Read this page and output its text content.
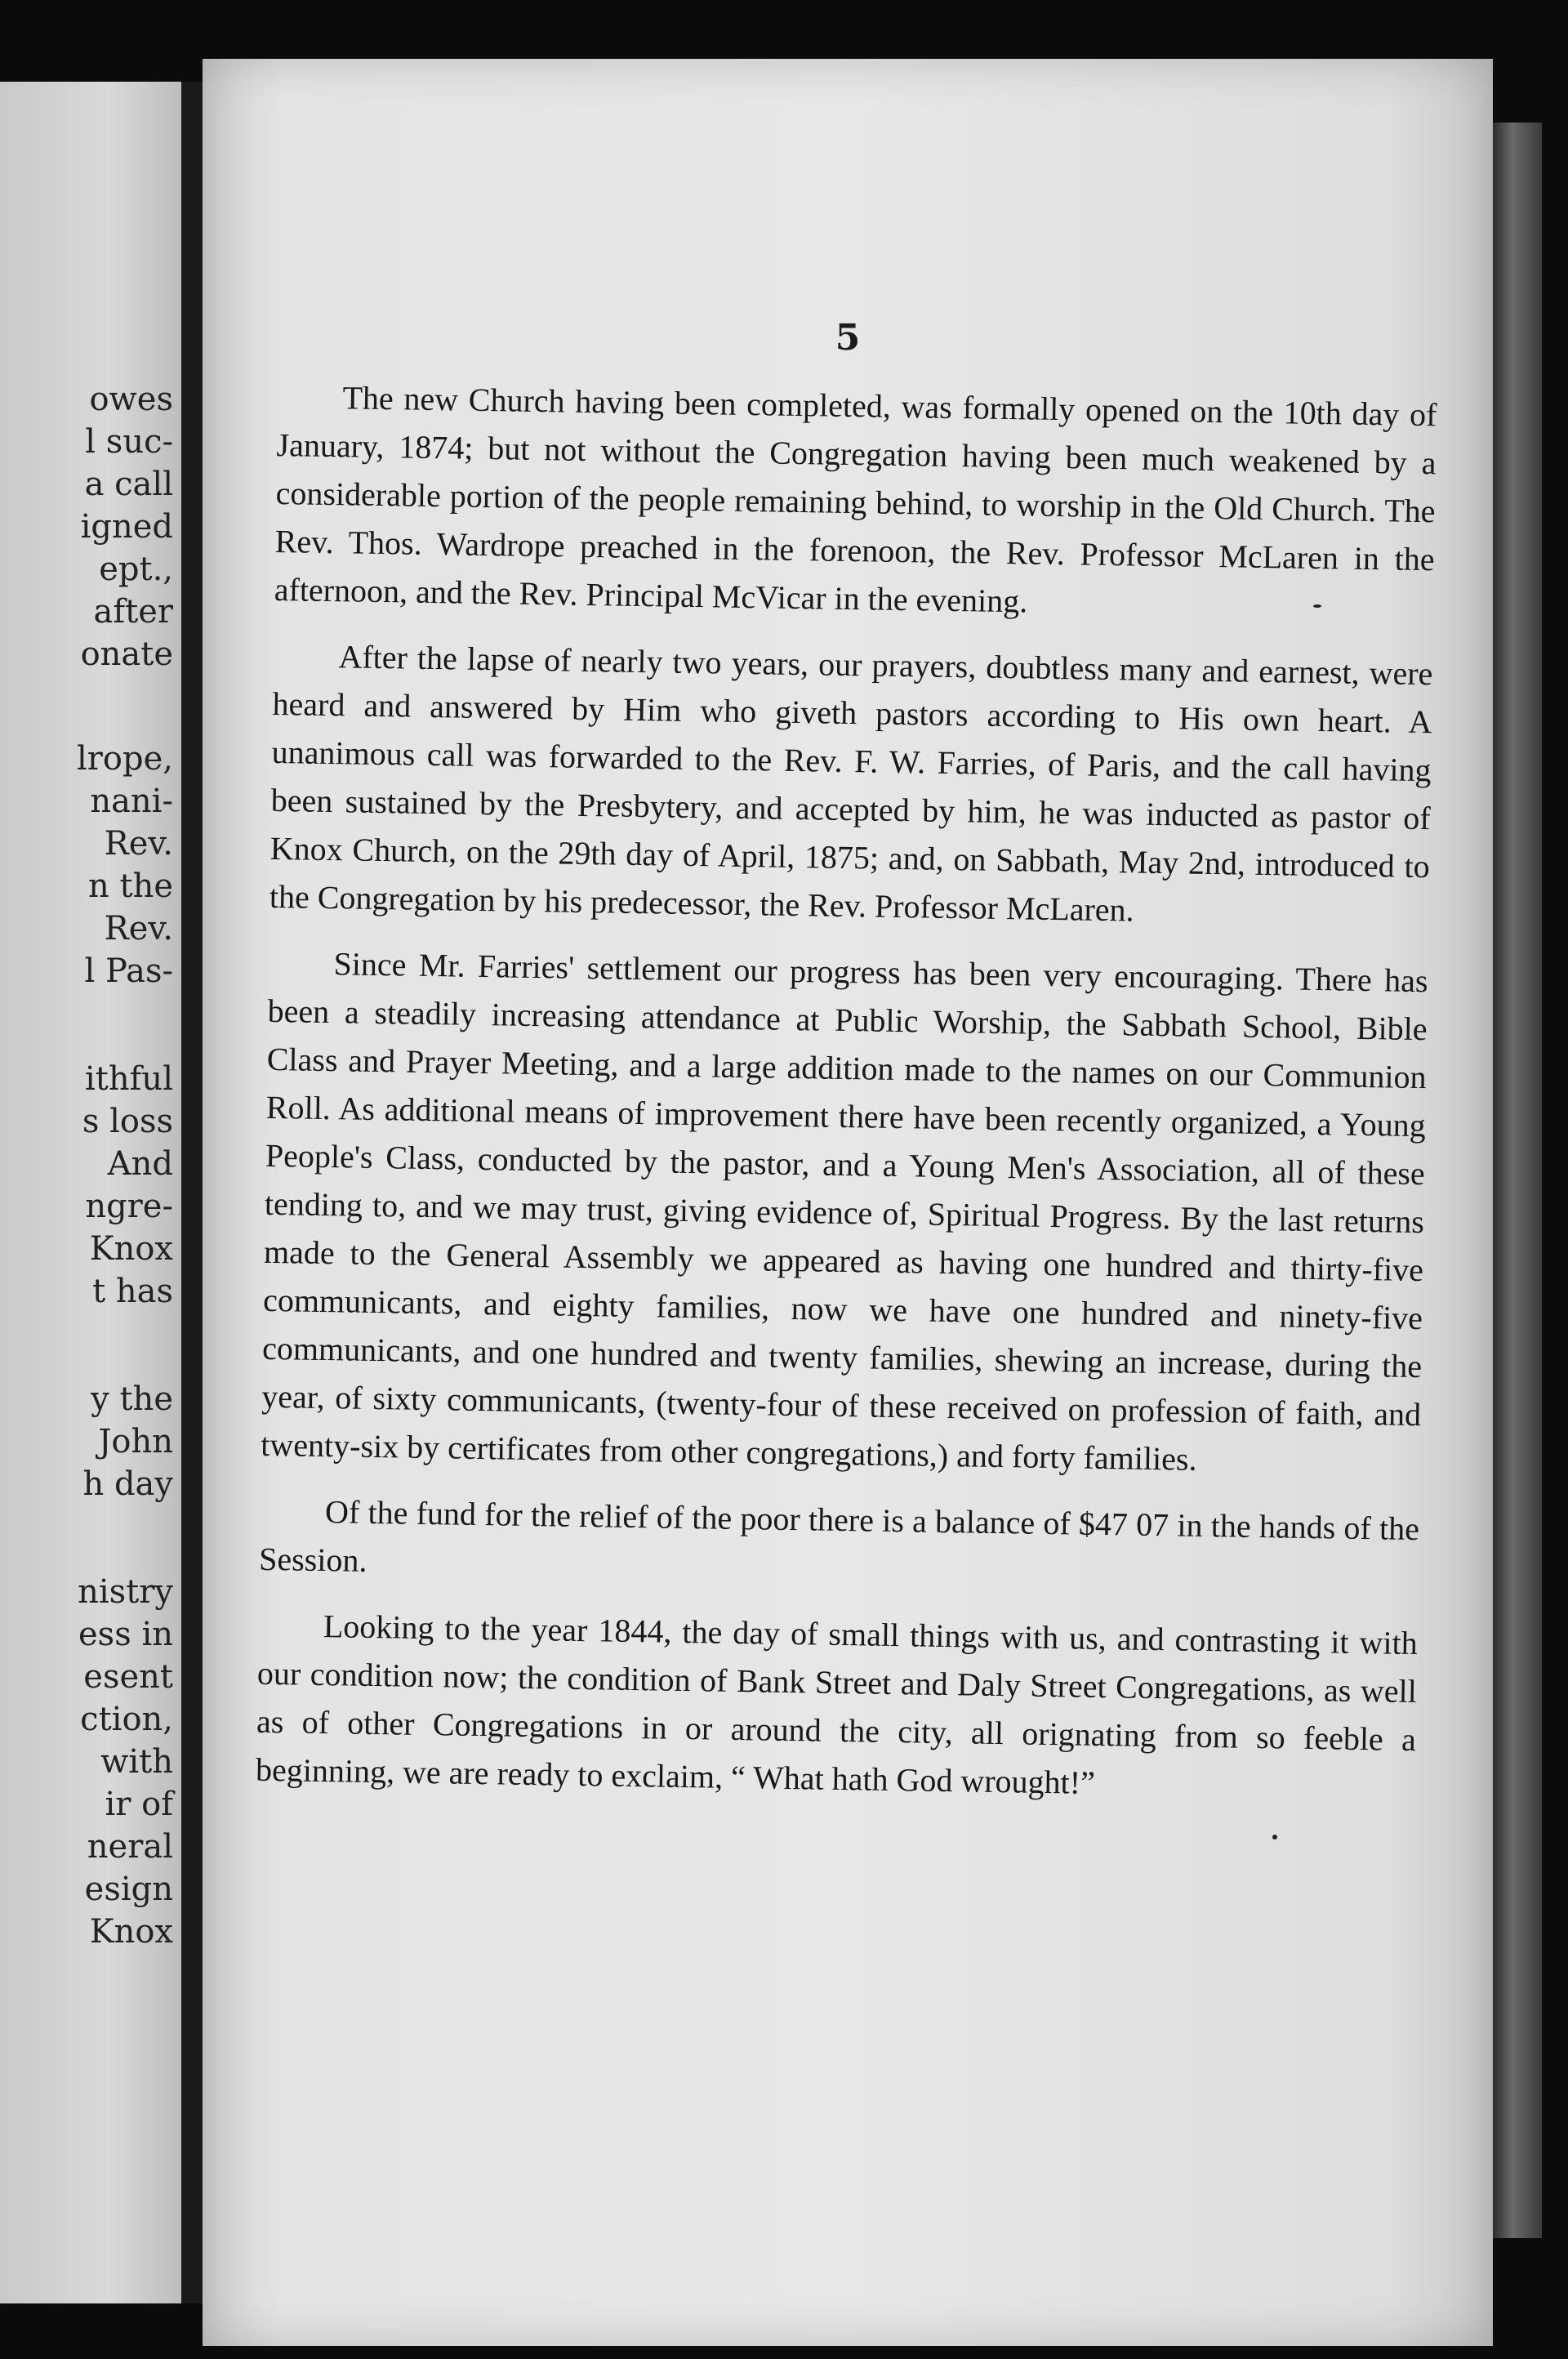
owes
l suc-
a call
igned
ept.,
after
onate
lrope,
nani-
Rev.
n the
Rev.
l Pas-
ithful
s loss
And
ngre-
Knox
t has
y the
John
h day
nistry
ess in
esent
ction,
with
ir of
neral
esign
Knox
5

The new Church having been completed, was formally opened on the 10th day of January, 1874; but not without the Congregation having been much weakened by a considerable portion of the people remaining behind, to worship in the Old Church. The Rev. Thos. Wardrope preached in the forenoon, the Rev. Professor McLaren in the afternoon, and the Rev. Principal McVicar in the evening.

After the lapse of nearly two years, our prayers, doubtless many and earnest, were heard and answered by Him who giveth pastors according to His own heart. A unanimous call was forwarded to the Rev. F. W. Farries, of Paris, and the call having been sustained by the Presbytery, and accepted by him, he was inducted as pastor of Knox Church, on the 29th day of April, 1875; and, on Sabbath, May 2nd, introduced to the Congregation by his predecessor, the Rev. Professor McLaren.

Since Mr. Farries' settlement our progress has been very encouraging. There has been a steadily increasing attendance at Public Worship, the Sabbath School, Bible Class and Prayer Meeting, and a large addition made to the names on our Communion Roll. As additional means of improvement there have been recently organized, a Young People's Class, conducted by the pastor, and a Young Men's Association, all of these tending to, and we may trust, giving evidence of, Spiritual Progress. By the last returns made to the General Assembly we appeared as having one hundred and thirty-five communicants, and eighty families, now we have one hundred and ninety-five communicants, and one hundred and twenty families, shewing an increase, during the year, of sixty communicants, (twenty-four of these received on profession of faith, and twenty-six by certificates from other congregations,) and forty families.

Of the fund for the relief of the poor there is a balance of $47 07 in the hands of the Session.

Looking to the year 1844, the day of small things with us, and contrasting it with our condition now; the condition of Bank Street and Daly Street Congregations, as well as of other Congregations in or around the city, all orignating from so feeble a beginning, we are ready to exclaim, “ What hath God wrought!”
